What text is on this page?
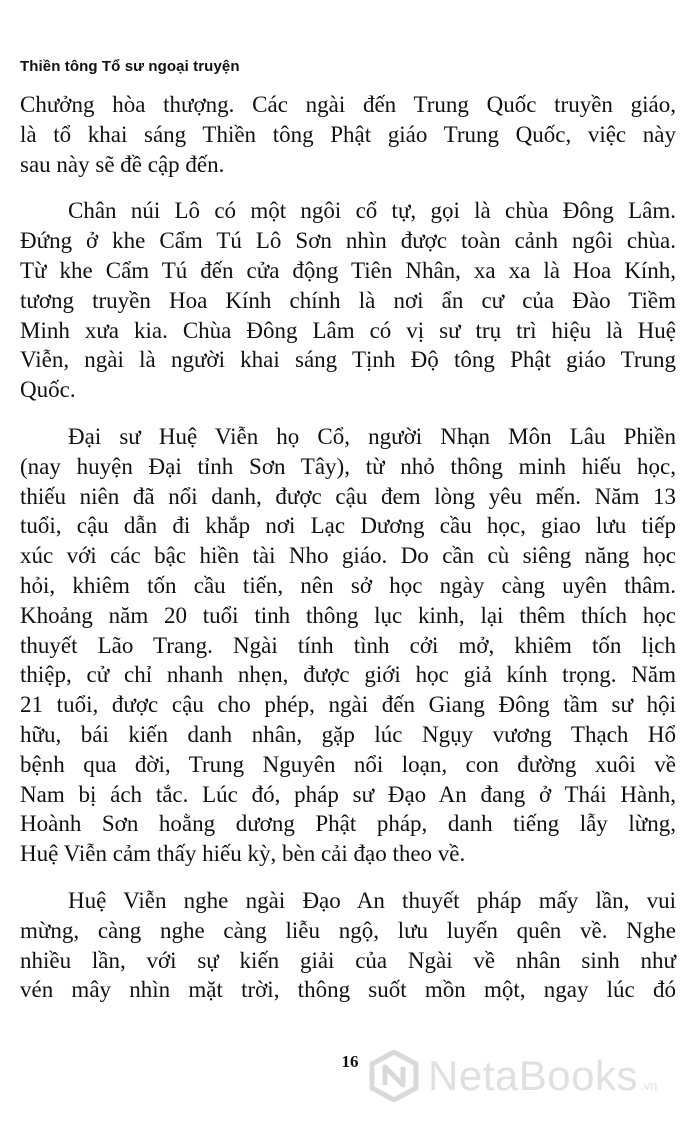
Thiền tông Tổ sư ngoại truyện
Chưởng hòa thượng. Các ngài đến Trung Quốc truyền giáo,
là tổ khai sáng Thiền tông Phật giáo Trung Quốc, việc này
sau này sẽ đề cập đến.
Chân núi Lô có một ngôi cổ tự, gọi là chùa Đông Lâm.
Đứng ở khe Cẩm Tú Lô Sơn nhìn được toàn cảnh ngôi chùa.
Từ khe Cẩm Tú đến cửa động Tiên Nhân, xa xa là Hoa Kính,
tương truyền Hoa Kính chính là nơi ẩn cư của Đào Tiềm
Minh xưa kia. Chùa Đông Lâm có vị sư trụ trì hiệu là Huệ
Viễn, ngài là người khai sáng Tịnh Độ tông Phật giáo Trung
Quốc.
Đại sư Huệ Viễn họ Cổ, người Nhạn Môn Lâu Phiền
(nay huyện Đại tỉnh Sơn Tây), từ nhỏ thông minh hiếu học,
thiếu niên đã nổi danh, được cậu đem lòng yêu mến. Năm 13
tuổi, cậu dẫn đi khắp nơi Lạc Dương cầu học, giao lưu tiếp
xúc với các bậc hiền tài Nho giáo. Do cần cù siêng năng học
hỏi, khiêm tốn cầu tiến, nên sở học ngày càng uyên thâm.
Khoảng năm 20 tuổi tinh thông lục kinh, lại thêm thích học
thuyết Lão Trang. Ngài tính tình cởi mở, khiêm tốn lịch
thiệp, cử chỉ nhanh nhẹn, được giới học giả kính trọng. Năm
21 tuổi, được cậu cho phép, ngài đến Giang Đông tầm sư hội
hữu, bái kiến danh nhân, gặp lúc Ngụy vương Thạch Hổ
bệnh qua đời, Trung Nguyên nổi loạn, con đường xuôi về
Nam bị ách tắc. Lúc đó, pháp sư Đạo An đang ở Thái Hành,
Hoành Sơn hoằng dương Phật pháp, danh tiếng lẫy lừng,
Huệ Viễn cảm thấy hiếu kỳ, bèn cải đạo theo về.
Huệ Viễn nghe ngài Đạo An thuyết pháp mấy lần, vui
mừng, càng nghe càng liễu ngộ, lưu luyến quên về. Nghe
nhiều lần, với sự kiến giải của Ngài về nhân sinh như
vén mây nhìn mặt trời, thông suốt mồn một, ngay lúc đó
16	NetaBooks .vn
